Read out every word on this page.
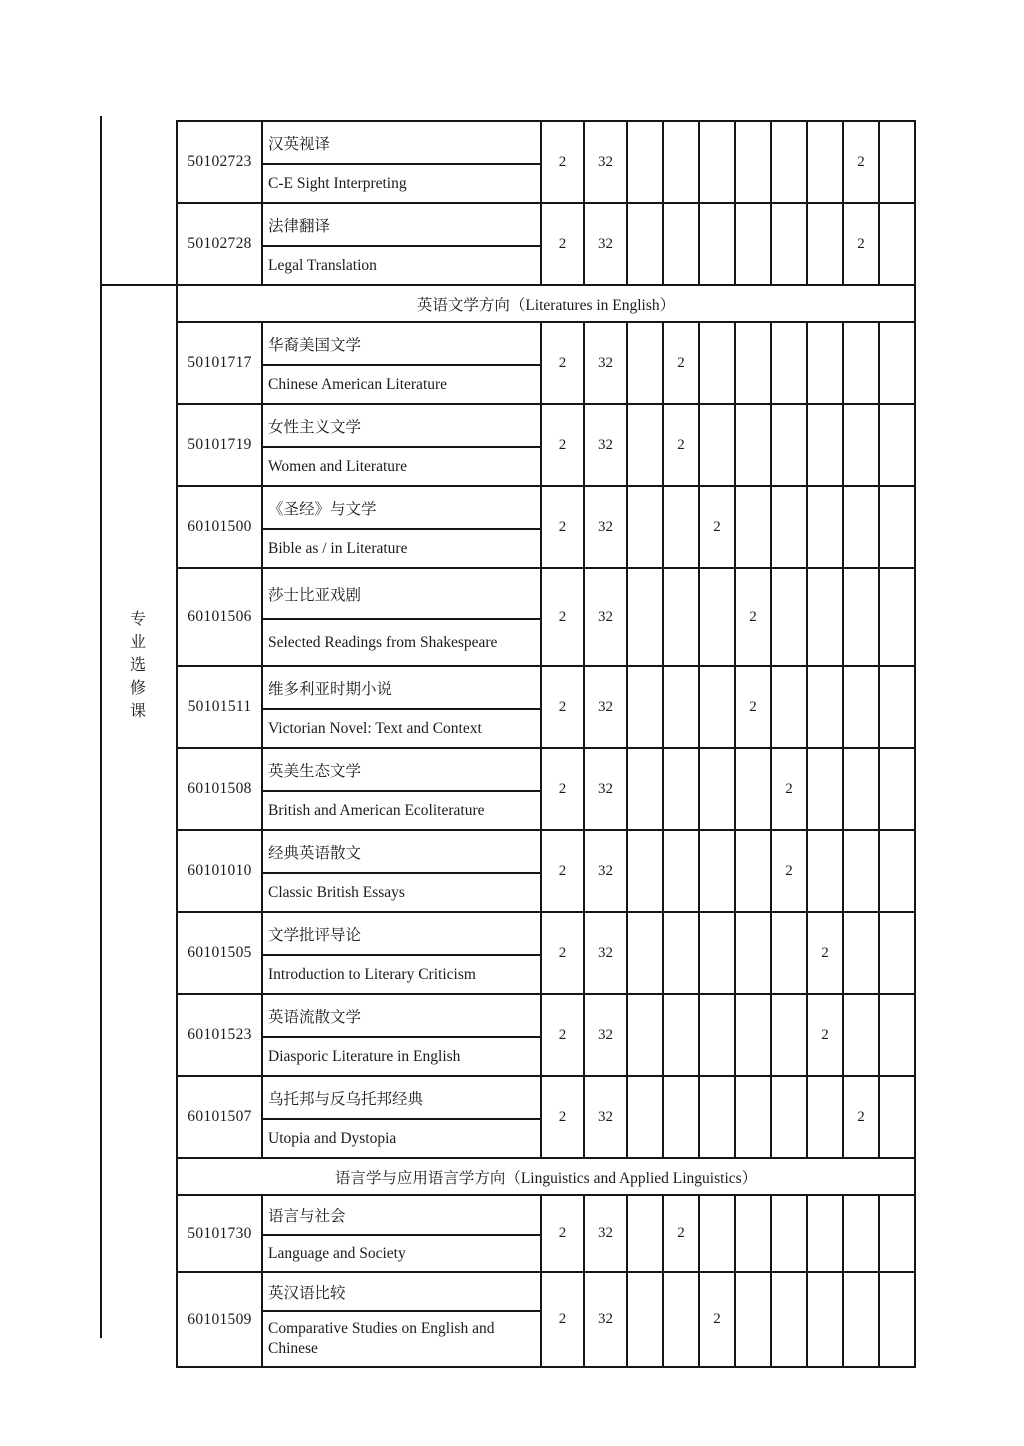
	50102723	汉英视译	2	32							2	
		C-E Sight Interpreting										
	50102728	法律翻译	2	32							2	
		Legal Translation										

专业选修课	英语文学方向（Literatures in English）											
	50101717	华裔美国文学	2	32		2						
		Chinese American Literature										
	50101719	女性主义文学	2	32		2						
		Women and Literature										
	60101500	《圣经》与文学	2	32			2					
		Bible as / in Literature										
	60101506	莎士比亚戏剧	2	32				2				
		Selected Readings from Shakespeare										
	50101511	维多利亚时期小说	2	32				2				
		Victorian Novel: Text and Context										
	60101508	英美生态文学	2	32					2			
		British and American Ecoliterature										
	60101010	经典英语散文	2	32					2			
		Classic British Essays										
	60101505	文学批评导论	2	32						2		
		Introduction to Literary Criticism										
	60101523	英语流散文学	2	32						2		
		Diasporic Literature in English										
	60101507	乌托邦与反乌托邦经典	2	32							2	
		Utopia and Dystopia										
	语言学与应用语言学方向（Linguistics and Applied Linguistics）											
	50101730	语言与社会	2	32		2						
		Language and Society										
	60101509	英汉语比较	2	32			2					
		Comparative Studies on English and Chinese										
